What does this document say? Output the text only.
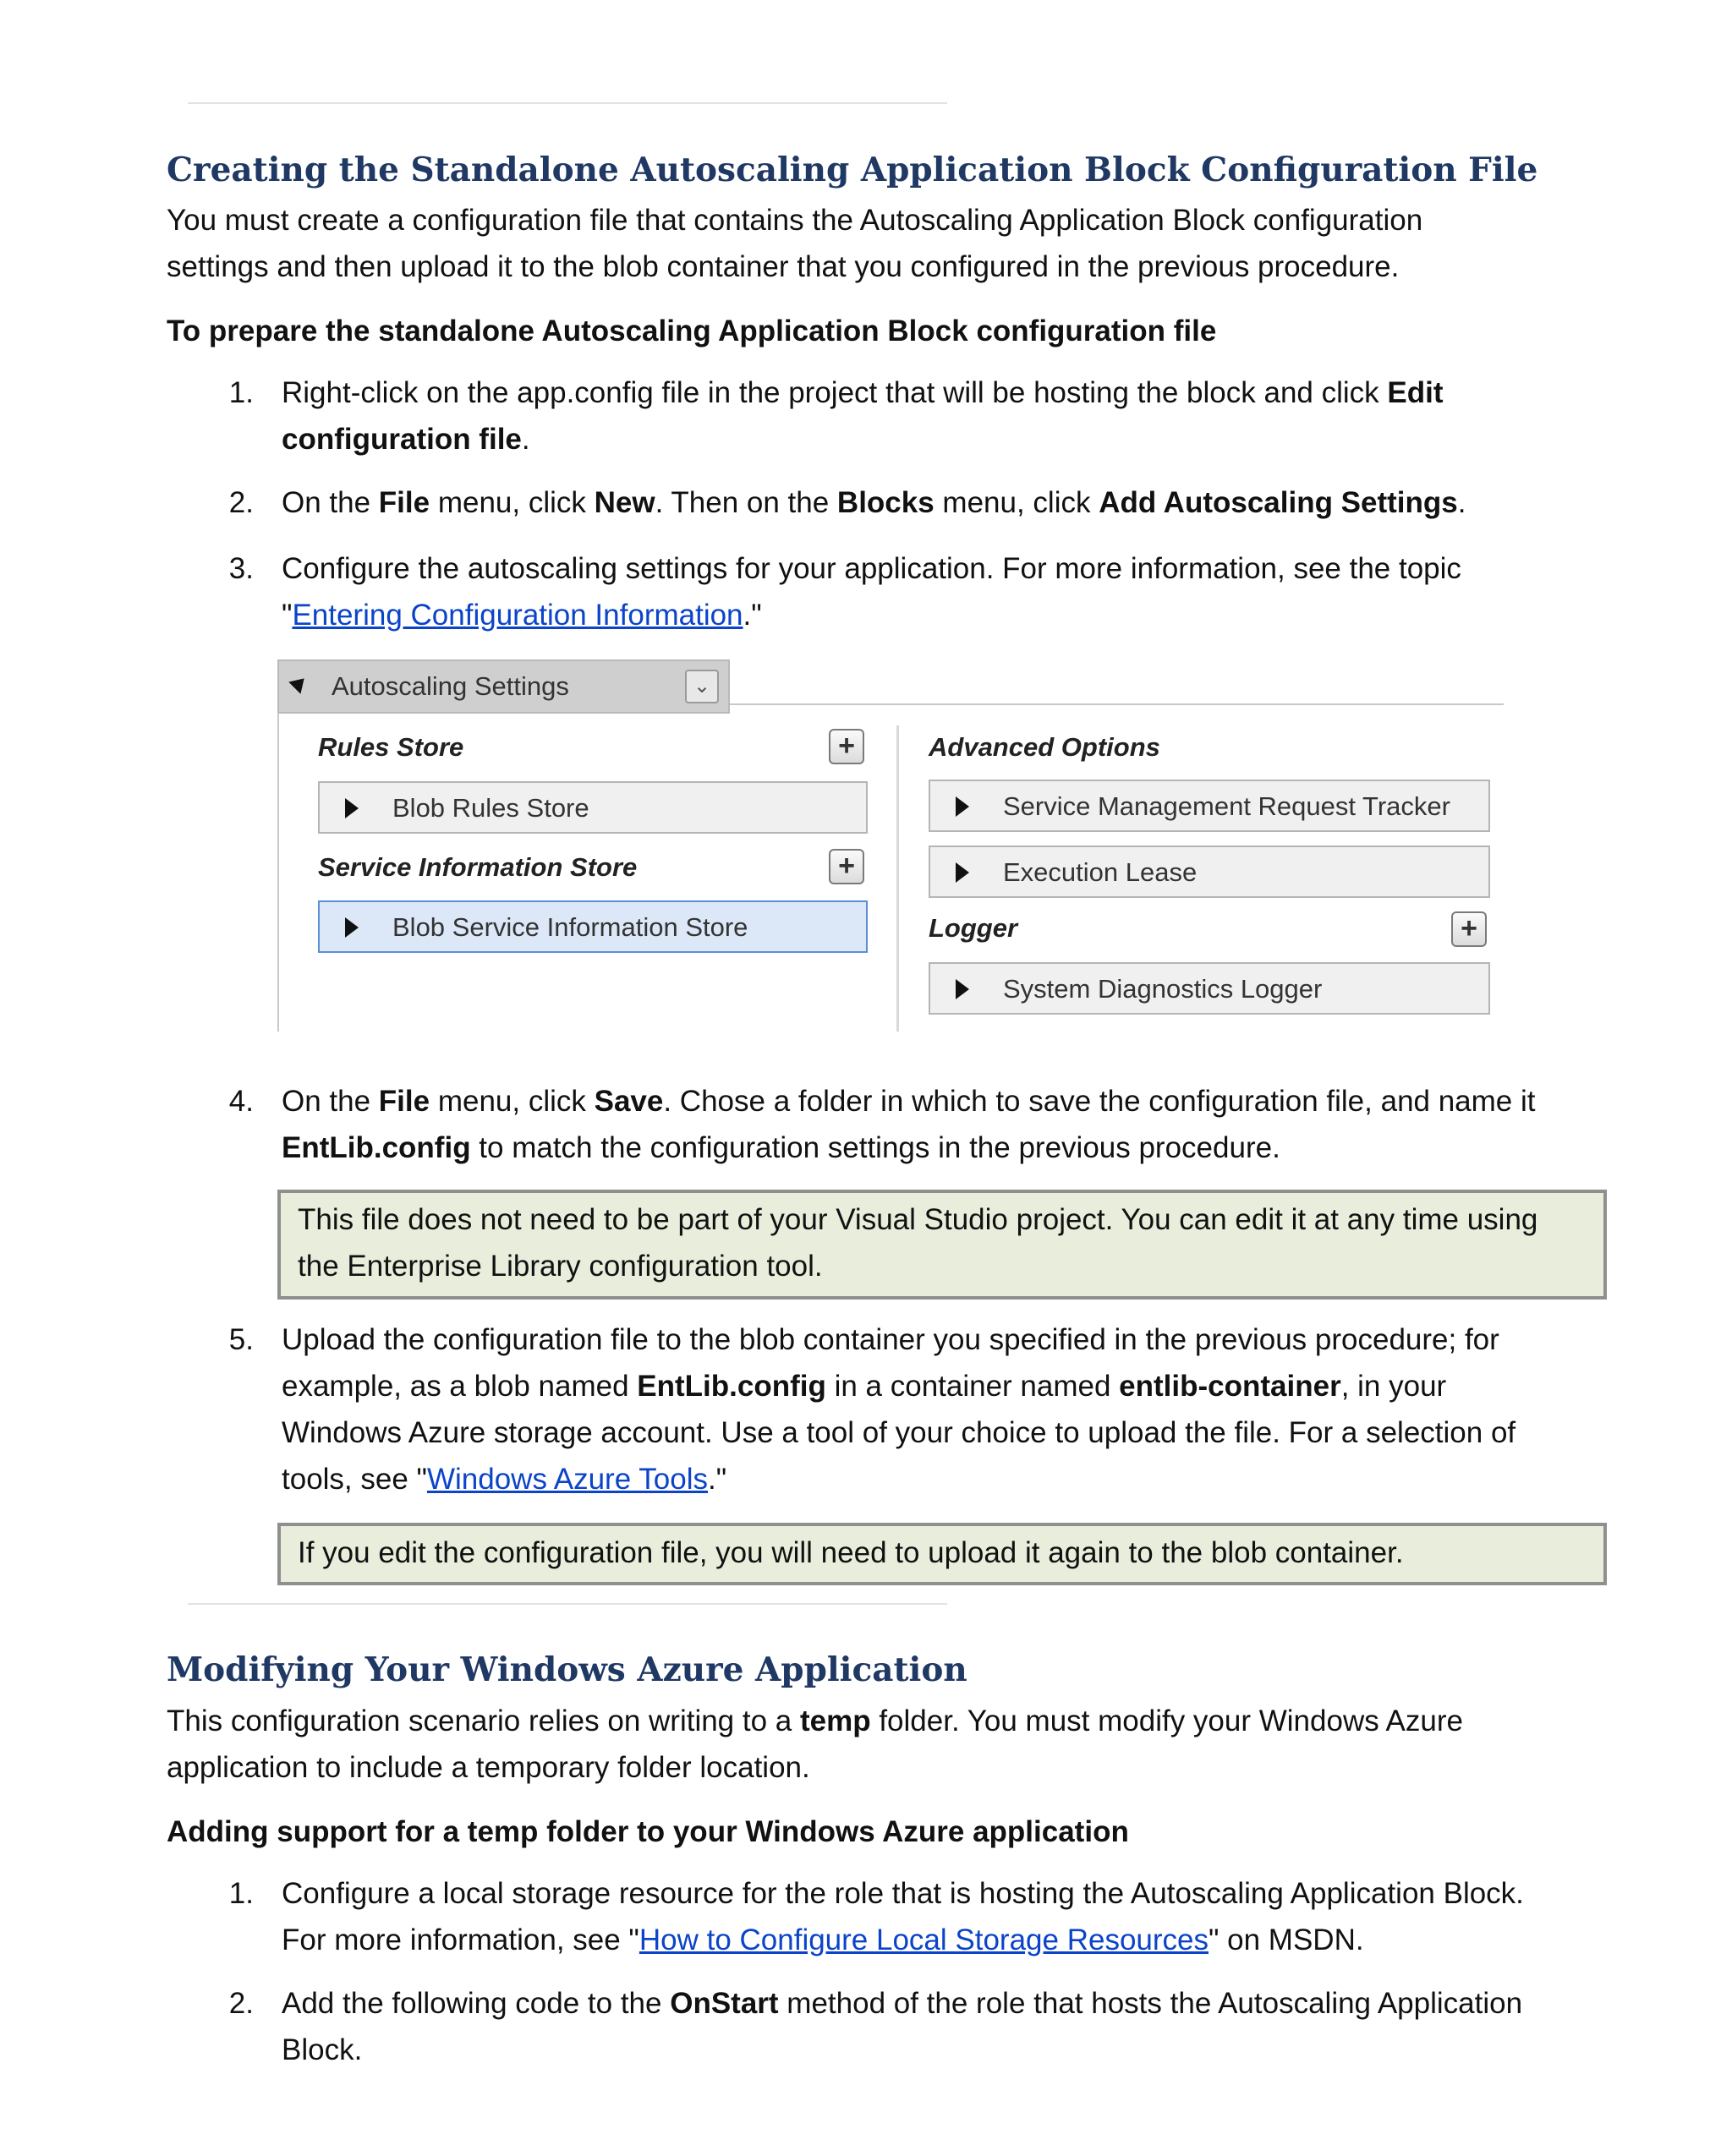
Creating the Standalone Autoscaling Application Block Configuration File

You must create a configuration file that contains the Autoscaling Application Block configuration

settings and then upload it to the blob container that you configured in the previous procedure.

To prepare the standalone Autoscaling Application Block configuration file
1. Right-click on the app.config file in the project that will be hosting the block and click Edit

configuration file.

2. On the File menu, click New. Then on the Blocks menu, click Add Autoscaling Settings.

3. Configure the autoscaling settings for your application. For more information, see the topic

"Entering Configuration Information."

Autoscaling Settings	⌄
Rules Store	+
Blob Rules Store
Service Information Store	+
Blob Service Information Store
Advanced Options
Service Management Request Tracker
Execution Lease
Logger	+
System Diagnostics Logger
4. On the File menu, click Save. Chose a folder in which to save the configuration file, and name it

EntLib.config to match the configuration settings in the previous procedure.

This file does not need to be part of your Visual Studio project. You can edit it at any time using

the Enterprise Library configuration tool.

5. Upload the configuration file to the blob container you specified in the previous procedure; for

example, as a blob named EntLib.config in a container named entlib-container, in your

Windows Azure storage account. Use a tool of your choice to upload the file. For a selection of

tools, see "Windows Azure Tools."

If you edit the configuration file, you will need to upload it again to the blob container.

Modifying Your Windows Azure Application

This configuration scenario relies on writing to a temp folder. You must modify your Windows Azure

application to include a temporary folder location.

Adding support for a temp folder to your Windows Azure application
1. Configure a local storage resource for the role that is hosting the Autoscaling Application Block.

For more information, see "How to Configure Local Storage Resources" on MSDN.

2. Add the following code to the OnStart method of the role that hosts the Autoscaling Application

Block.
